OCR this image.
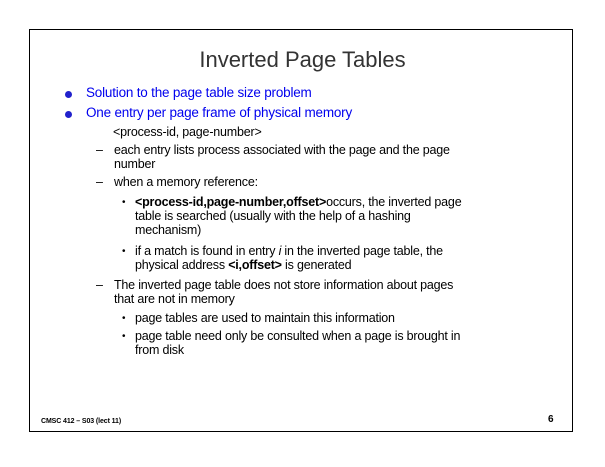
Inverted Page Tables
Solution to the page table size problem
One entry per page frame of physical memory
<process-id, page-number>
– each entry lists process associated with the page and the page
number
– when a memory reference:
• <process-id,page-number,offset>occurs, the inverted page
table is searched (usually with the help of a hashing
mechanism)
• if a match is found in entry i in the inverted page table, the
physical address <i,offset> is generated
– The inverted page table does not store information about pages
that are not in memory
• page tables are used to maintain this information
• page table need only be consulted when a page is brought in
from disk
CMSC 412 – S03 (lect 11)	6
